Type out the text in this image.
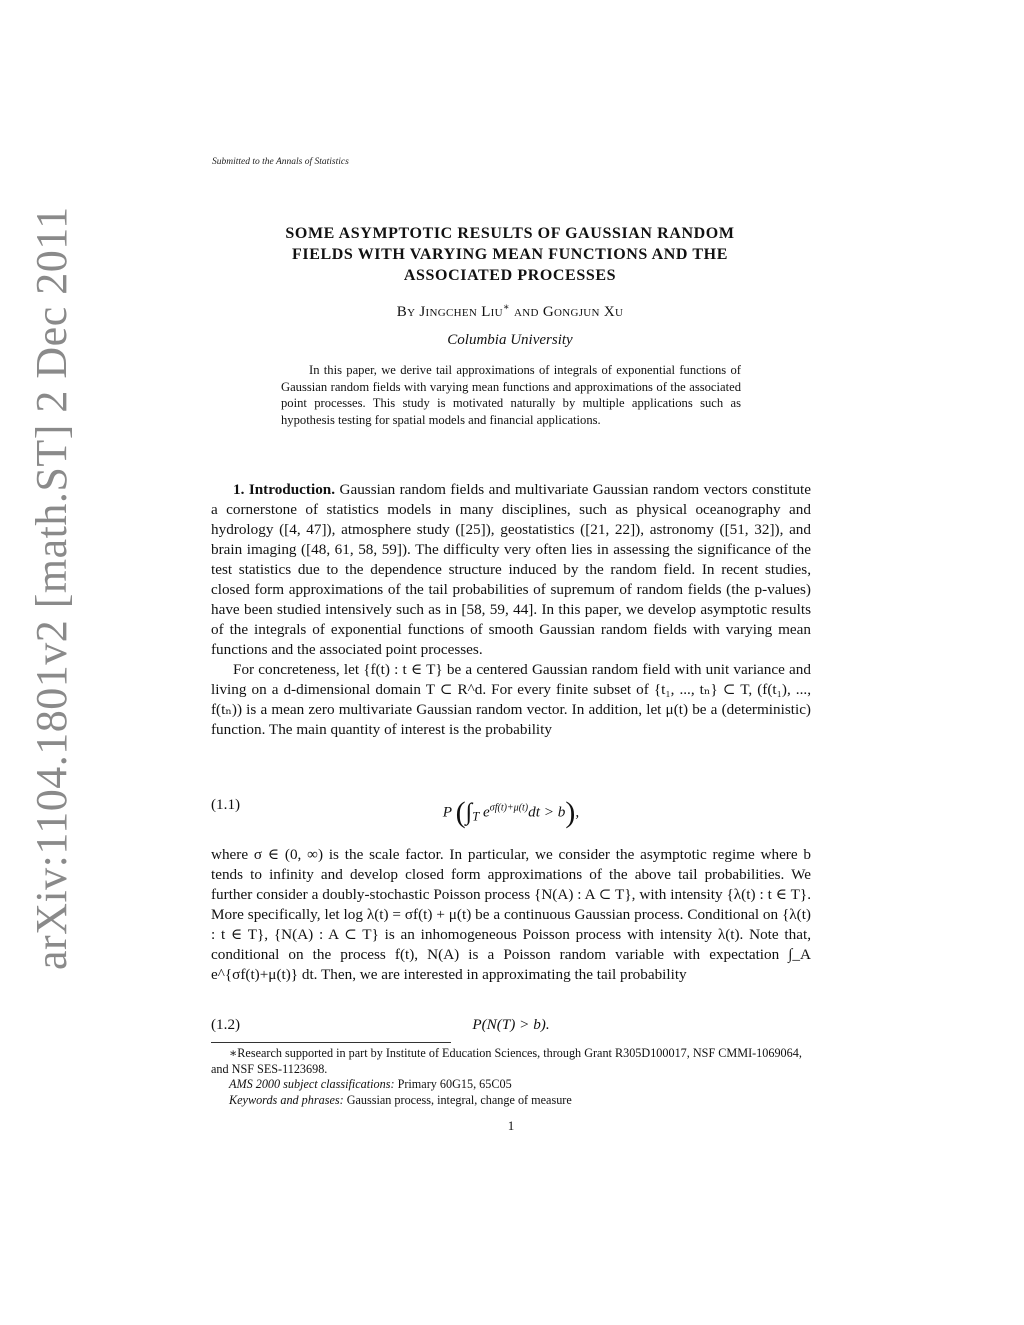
arXiv:1104.1801v2 [math.ST] 2 Dec 2011
Submitted to the Annals of Statistics
SOME ASYMPTOTIC RESULTS OF GAUSSIAN RANDOM
FIELDS WITH VARYING MEAN FUNCTIONS AND THE
ASSOCIATED PROCESSES
By Jingchen Liu∗ and Gongjun Xu
Columbia University
In this paper, we derive tail approximations of integrals of exponential functions of Gaussian random fields with varying mean functions and approximations of the associated point processes. This study is motivated naturally by multiple applications such as hypothesis testing for spatial models and financial applications.

1. Introduction. Gaussian random fields and multivariate Gaussian random vectors constitute a cornerstone of statistics models in many disciplines, such as physical oceanography and hydrology ([4, 47]), atmosphere study ([25]), geostatistics ([21, 22]), astronomy ([51, 32]), and brain imaging ([48, 61, 58, 59]). The difficulty very often lies in assessing the significance of the test statistics due to the dependence structure induced by the random field. In recent studies, closed form approximations of the tail probabilities of supremum of random fields (the p-values) have been studied intensively such as in [58, 59, 44]. In this paper, we develop asymptotic results of the integrals of exponential functions of smooth Gaussian random fields with varying mean functions and the associated point processes.

For concreteness, let {f(t) : t ∈ T} be a centered Gaussian random field with unit variance and living on a d-dimensional domain T ⊂ R^d. For every finite subset of {t₁, ..., tₙ} ⊂ T, (f(t₁), ..., f(tₙ)) is a mean zero multivariate Gaussian random vector. In addition, let μ(t) be a (deterministic) function. The main quantity of interest is the probability

(1.1)	P ($\int_T$ $e^{\sigma f(t)+\mu(t)}dt > b$),

where σ ∈ (0, ∞) is the scale factor. In particular, we consider the asymptotic regime where b tends to infinity and develop closed form approximations of the above tail probabilities. We further consider a doubly-stochastic Poisson process {N(A) : A ⊂ T}, with intensity {λ(t) : t ∈ T}. More specifically, let log λ(t) = σf(t) + μ(t) be a continuous Gaussian process. Conditional on {λ(t) : t ∈ T}, {N(A) : A ⊂ T} is an inhomogeneous Poisson process with intensity λ(t). Note that, conditional on the process f(t), N(A) is a Poisson random variable with expectation ∫_A e^{σf(t)+μ(t)} dt. Then, we are interested in approximating the tail probability

(1.2)	P(N(T) > b).

∗Research supported in part by Institute of Education Sciences, through Grant R305D100017, NSF CMMI-1069064, and NSF SES-1123698.

AMS 2000 subject classifications: Primary 60G15, 65C05

Keywords and phrases: Gaussian process, integral, change of measure

1
